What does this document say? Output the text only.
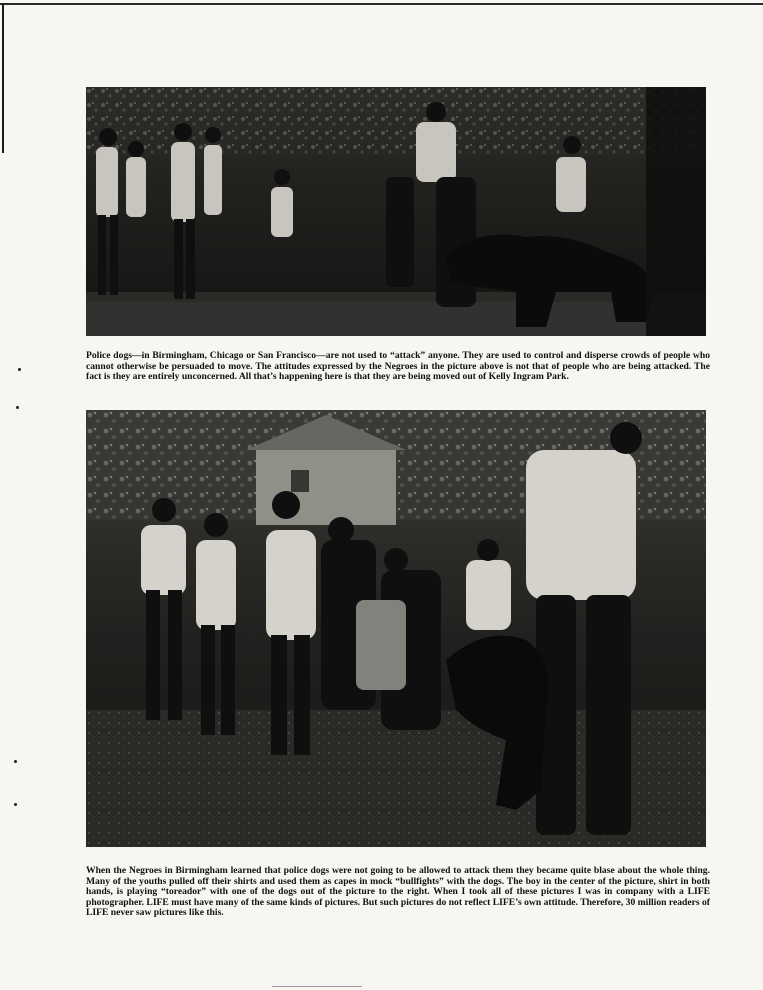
Police dogs—in Birmingham, Chicago or San Francisco—are not used to “attack” anyone. They are used to control and disperse crowds of people who cannot otherwise be persuaded to move. The attitudes expressed by the Negroes in the picture above is not that of people who are being attacked. The fact is they are entirely unconcerned. All that’s happening here is that they are being moved out of Kelly Ingram Park.

When the Negroes in Birmingham learned that police dogs were not going to be allowed to attack them they became quite blase about the whole thing. Many of the youths pulled off their shirts and used them as capes in mock “bullfights” with the dogs. The boy in the center of the picture, shirt in both hands, is playing “toreador” with one of the dogs out of the picture to the right. When I took all of these pictures I was in company with a LIFE photographer. LIFE must have many of the same kinds of pictures. But such pictures do not reflect LIFE’s own attitude. Therefore, 30 million readers of LIFE never saw pictures like this.
